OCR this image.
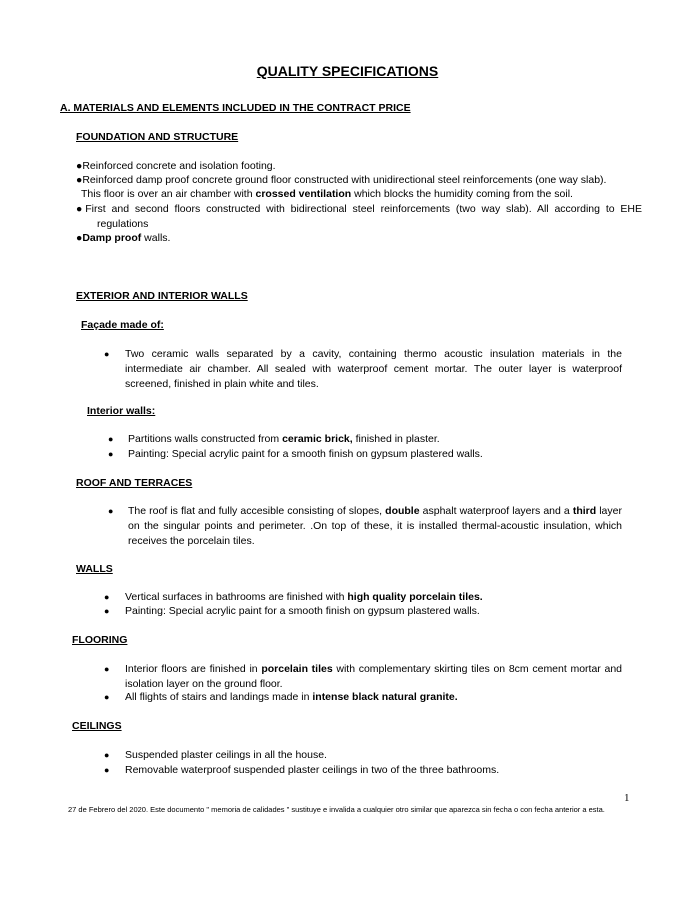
QUALITY SPECIFICATIONS
A. MATERIALS AND ELEMENTS INCLUDED IN THE CONTRACT PRICE
FOUNDATION AND STRUCTURE
●Reinforced concrete and isolation footing.
●Reinforced damp proof concrete ground floor constructed with unidirectional steel reinforcements (one way slab).
This floor is over an air chamber with crossed ventilation which blocks the humidity coming from the soil.
●First and second floors constructed with bidirectional steel reinforcements (two way slab). All according to EHE regulations
●Damp proof walls.
EXTERIOR AND INTERIOR WALLS
Façade made of:
● Two ceramic walls separated by a cavity, containing thermo acoustic insulation materials in the intermediate air chamber. All sealed with waterproof cement mortar. The outer layer is waterproof screened, finished in plain white and tiles.
Interior walls:
● Partitions walls constructed from ceramic brick, finished in plaster.
● Painting: Special acrylic paint for a smooth finish on gypsum plastered walls.
ROOF AND TERRACES
● The roof is flat and fully accesible consisting of slopes, double asphalt waterproof layers and a third layer on the singular points and perimeter. .On top of these, it is installed thermal-acoustic insulation, which receives the porcelain tiles.
WALLS
● Vertical surfaces in bathrooms are finished with high quality porcelain tiles.
● Painting: Special acrylic paint for a smooth finish on gypsum plastered walls.
FLOORING
● Interior floors are finished in porcelain tiles with complementary skirting tiles on 8cm cement mortar and isolation layer on the ground floor.
● All flights of stairs and landings made in intense black natural granite.
CEILINGS
● Suspended plaster ceilings in all the house.
● Removable waterproof suspended plaster ceilings in two of the three bathrooms.
1
27 de Febrero del 2020. Este documento " memoria de calidades " sustituye e invalida a cualquier otro similar que aparezca sin fecha o con fecha anterior a esta.
